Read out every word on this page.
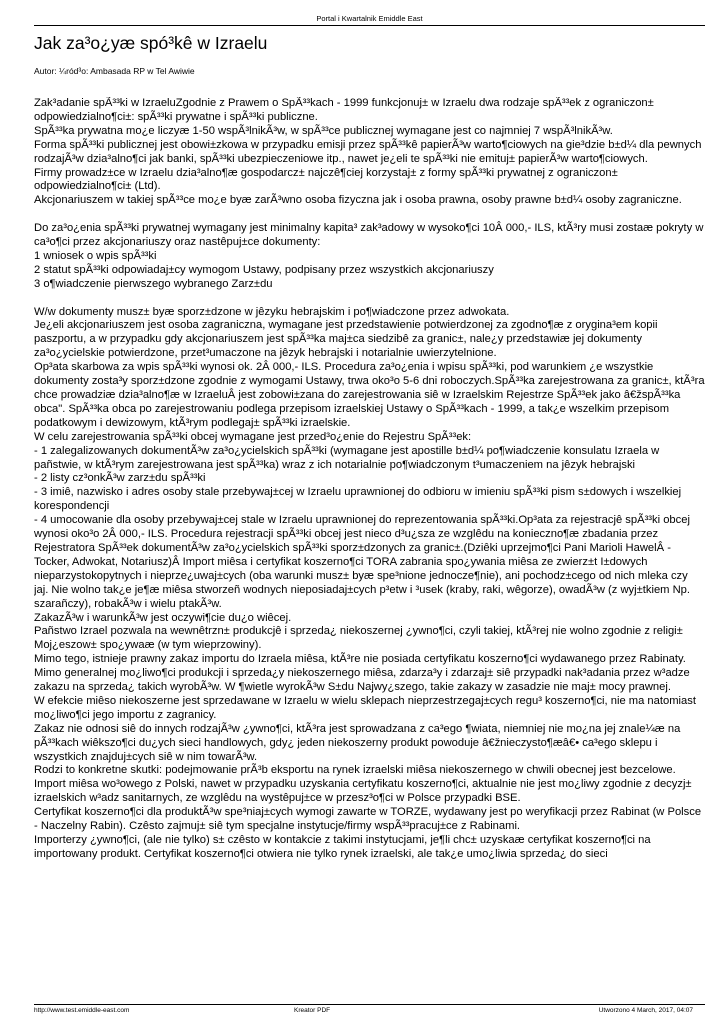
Portal i Kwartalnik Emiddle East
Jak za³o¿yæ spó³kê w Izraelu
Autor: ¼ród³o: Ambasada RP w Tel Awiwie

Zak³adanie spÃ³³ki w IzraeluZgodnie z Prawem o SpÃ³³kach - 1999 funkcjonuj± w Izraelu dwa rodzaje spÃ³³ek z ograniczon± odpowiedzialno¶ci±: spÃ³³ki prywatne i spÃ³³ki publiczne.

SpÃ³³ka prywatna mo¿e liczyæ 1-50 wspÃ³lnikÃ³w, w spÃ³³ce publicznej wymagane jest co najmniej 7 wspÃ³lnikÃ³w.

Forma spÃ³³ki publicznej jest obowi±zkowa w przypadku emisji przez spÃ³³kê papierÃ³w warto¶ciowych na gie³dzie b±d¼ dla pewnych rodzajÃ³w dzia³alno¶ci jak banki, spÃ³³ki ubezpieczeniowe itp., nawet je¿eli te spÃ³³ki nie emituj± papierÃ³w warto¶ciowych.

Firmy prowadz±ce w Izraelu dzia³alno¶æ gospodarcz± najczê¶ciej korzystaj± z formy spÃ³³ki prywatnej z ograniczon± odpowiedzialno¶ci± (Ltd).

Akcjonariuszem w takiej spÃ³³ce mo¿e byæ zarÃ³wno osoba fizyczna jak i osoba prawna, osoby prawne b±d¼ osoby zagraniczne.

Do za³o¿enia spÃ³³ki prywatnej wymagany jest minimalny kapita³ zak³adowy w wysoko¶ci 10Â 000,- ILS, ktÃ³ry musi zostaæ pokryty w ca³o¶ci przez akcjonariuszy oraz nastêpuj±ce dokumenty:

1 wniosek o wpis spÃ³³ki

2 statut spÃ³³ki odpowiadaj±cy wymogom Ustawy, podpisany przez wszystkich akcjonariuszy

3 o¶wiadczenie pierwszego wybranego Zarz±du

W/w dokumenty musz± byæ sporz±dzone w jêzyku hebrajskim i po¶wiadczone przez adwokata.

Je¿eli akcjonariuszem jest osoba zagraniczna, wymagane jest przedstawienie potwierdzonej za zgodno¶æ z orygina³em kopii paszportu, a w przypadku gdy akcjonariuszem jest spÃ³³ka maj±ca siedzibê za granic±, nale¿y przedstawiæ jej dokumenty za³o¿ycielskie potwierdzone, przet³umaczone na jêzyk hebrajski i notarialnie uwierzytelnione.

Op³ata skarbowa za wpis spÃ³³ki wynosi ok. 2Â 000,- ILS. Procedura za³o¿enia i wpisu spÃ³³ki, pod warunkiem ¿e wszystkie dokumenty zosta³y sporz±dzone zgodnie z wymogami Ustawy, trwa oko³o 5-6 dni roboczych.SpÃ³³ka zarejestrowana za granic±, ktÃ³ra chce prowadziæ dzia³alno¶æ w IzraeluÂ jest zobowi±zana do zarejestrowania siê w Izraelskim Rejestrze SpÃ³³ek jako â€žspÃ³³ka obca". SpÃ³³ka obca po zarejestrowaniu podlega przepisom izraelskiej Ustawy o SpÃ³³kach - 1999, a tak¿e wszelkim przepisom podatkowym i dewizowym, ktÃ³rym podlegaj± spÃ³³ki izraelskie.

W celu zarejestrowania spÃ³³ki obcej wymagane jest przed³o¿enie do Rejestru SpÃ³³ek:

- 1 zalegalizowanych dokumentÃ³w za³o¿ycielskich spÃ³³ki (wymagane jest apostille b±d¼ po¶wiadczenie konsulatu Izraela w pañstwie, w ktÃ³rym zarejestrowana jest spÃ³³ka) wraz z ich notarialnie po¶wiadczonym t³umaczeniem na jêzyk hebrajski

- 2 listy cz³onkÃ³w zarz±du spÃ³³ki

- 3 imiê, nazwisko i adres osoby stale przebywaj±cej w Izraelu uprawnionej do odbioru w imieniu spÃ³³ki pism s±dowych i wszelkiej korespondencji

- 4 umocowanie dla osoby przebywaj±cej stale w Izraelu uprawnionej do reprezentowania spÃ³³ki.Op³ata za rejestracjê spÃ³³ki obcej wynosi oko³o 2Â 000,- ILS. Procedura rejestracji spÃ³³ki obcej jest nieco d³u¿sza ze wzglêdu na konieczno¶æ zbadania przez Rejestratora SpÃ³³ek dokumentÃ³w za³o¿ycielskich spÃ³³ki sporz±dzonych za granic±.(Dziêki uprzejmo¶ci Pani Marioli HawelÂ - Tocker, Adwokat, Notariusz)Â Import miêsa i certyfikat koszerno¶ci TORA zabrania spo¿ywania miêsa ze zwierz±t I±dowych nieparzystokopytnych i nieprze¿uwaj±cych (oba warunki musz± byæ spe³nione jednocze¶nie), ani pochodz±cego od nich mleka czy jaj. Nie wolno tak¿e je¶æ miêsa stworzeñ wodnych nieposiadaj±cych p³etw i ³usek (kraby, raki, wêgorze), owadÃ³w (z wyj±tkiem Np. szarañczy), robakÃ³w i wielu ptakÃ³w.

ZakazÃ³w i warunkÃ³w jest oczywi¶cie du¿o wiêcej.

Pañstwo Izrael pozwala na wewnêtrzn± produkcjê i sprzeda¿ niekoszernej ¿ywno¶ci, czyli takiej, ktÃ³rej nie wolno zgodnie z religi± Moj¿eszow± spo¿ywaæ (w tym wieprzowiny).

Mimo tego, istnieje prawny zakaz importu do Izraela miêsa, ktÃ³re nie posiada certyfikatu koszerno¶ci wydawanego przez Rabinaty.

Mimo generalnej mo¿liwo¶ci produkcji i sprzeda¿y niekoszernego miêsa, zdarza³y i zdarzaj± siê przypadki nak³adania przez w³adze zakazu na sprzeda¿ takich wyrobÃ³w. W ¶wietle wyrokÃ³w S±du Najwy¿szego, takie zakazy w zasadzie nie maj± mocy prawnej.

W efekcie miêso niekoszerne jest sprzedawane w Izraelu w wielu sklepach nieprzestrzegaj±cych regu³ koszerno¶ci, nie ma natomiast mo¿liwo¶ci jego importu z zagranicy.

Zakaz nie odnosi siê do innych rodzajÃ³w ¿ywno¶ci, ktÃ³ra jest sprowadzana z ca³ego ¶wiata, niemniej nie mo¿na jej znale¼æ na pÃ³³kach wiêkszo¶ci du¿ych sieci handlowych, gdy¿ jeden niekoszerny produkt powoduje â€žnieczysto¶æâ€• ca³ego sklepu i wszystkich znajduj±cych siê w nim towarÃ³w.

Rodzi to konkretne skutki: podejmowanie prÃ³b eksportu na rynek izraelski miêsa niekoszernego w chwili obecnej jest bezcelowe.

Import miêsa wo³owego z Polski, nawet w przypadku uzyskania certyfikatu koszerno¶ci, aktualnie nie jest mo¿liwy zgodnie z decyzj± izraelskich w³adz sanitarnych, ze wzglêdu na wystêpuj±ce w przesz³o¶ci w Polsce przypadki BSE.

Certyfikat koszerno¶ci dla produktÃ³w spe³niaj±cych wymogi zawarte w TORZE, wydawany jest po weryfikacji przez Rabinat (w Polsce - Naczelny Rabin). Czêsto zajmuj± siê tym specjalne instytucje/firmy wspÃ³³pracuj±ce z Rabinami.

Importerzy ¿ywno¶ci, (ale nie tylko) s± czêsto w kontakcie z takimi instytucjami, je¶li chc± uzyskaæ certyfikat koszerno¶ci na importowany produkt. Certyfikat koszerno¶ci otwiera nie tylko rynek izraelski, ale tak¿e umo¿liwia sprzeda¿ do sieci

http://www.test.emiddle-east.com	Kreator PDF	Utworzono 4 March, 2017, 04:07
